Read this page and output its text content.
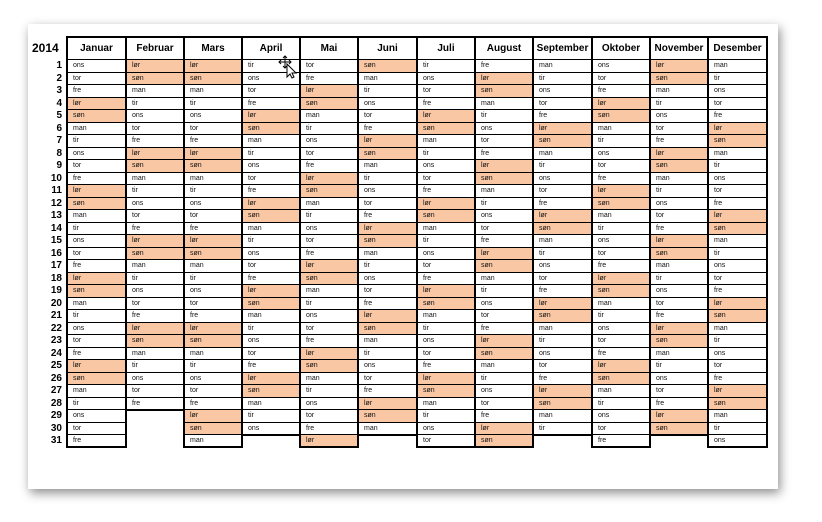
2014	Januar	Februar	Mars	April	Mai	Juni	Juli	August	September	Oktober	November	Desember
1	ons	lør	lør	tir	tor	søn	tir	fre	man	ons	lør	man
2	tor	søn	søn	ons	fre	man	ons	lør	tir	tor	søn	tir
3	fre	man	man	tor	lør	tir	tor	søn	ons	fre	man	ons
4	lør	tir	tir	fre	søn	ons	fre	man	tor	lør	tir	tor
5	søn	ons	ons	lør	man	tor	lør	tir	fre	søn	ons	fre
6	man	tor	tor	søn	tir	fre	søn	ons	lør	man	tor	lør
7	tir	fre	fre	man	ons	lør	man	tor	søn	tir	fre	søn
8	ons	lør	lør	tir	tor	søn	tir	fre	man	ons	lør	man
9	tor	søn	søn	ons	fre	man	ons	lør	tir	tor	søn	tir
10	fre	man	man	tor	lør	tir	tor	søn	ons	fre	man	ons
11	lør	tir	tir	fre	søn	ons	fre	man	tor	lør	tir	tor
12	søn	ons	ons	lør	man	tor	lør	tir	fre	søn	ons	fre
13	man	tor	tor	søn	tir	fre	søn	ons	lør	man	tor	lør
14	tir	fre	fre	man	ons	lør	man	tor	søn	tir	fre	søn
15	ons	lør	lør	tir	tor	søn	tir	fre	man	ons	lør	man
16	tor	søn	søn	ons	fre	man	ons	lør	tir	tor	søn	tir
17	fre	man	man	tor	lør	tir	tor	søn	ons	fre	man	ons
18	lør	tir	tir	fre	søn	ons	fre	man	tor	lør	tir	tor
19	søn	ons	ons	lør	man	tor	lør	tir	fre	søn	ons	fre
20	man	tor	tor	søn	tir	fre	søn	ons	lør	man	tor	lør
21	tir	fre	fre	man	ons	lør	man	tor	søn	tir	fre	søn
22	ons	lør	lør	tir	tor	søn	tir	fre	man	ons	lør	man
23	tor	søn	søn	ons	fre	man	ons	lør	tir	tor	søn	tir
24	fre	man	man	tor	lør	tir	tor	søn	ons	fre	man	ons
25	lør	tir	tir	fre	søn	ons	fre	man	tor	lør	tir	tor
26	søn	ons	ons	lør	man	tor	lør	tir	fre	søn	ons	fre
27	man	tor	tor	søn	tir	fre	søn	ons	lør	man	tor	lør
28	tir	fre	fre	man	ons	lør	man	tor	søn	tir	fre	søn
29	ons		lør	tir	tor	søn	tir	fre	man	ons	lør	man
30	tor		søn	ons	fre	man	ons	lør	tir	tor	søn	tir
31	fre		man		lør		tor	søn		fre		ons
